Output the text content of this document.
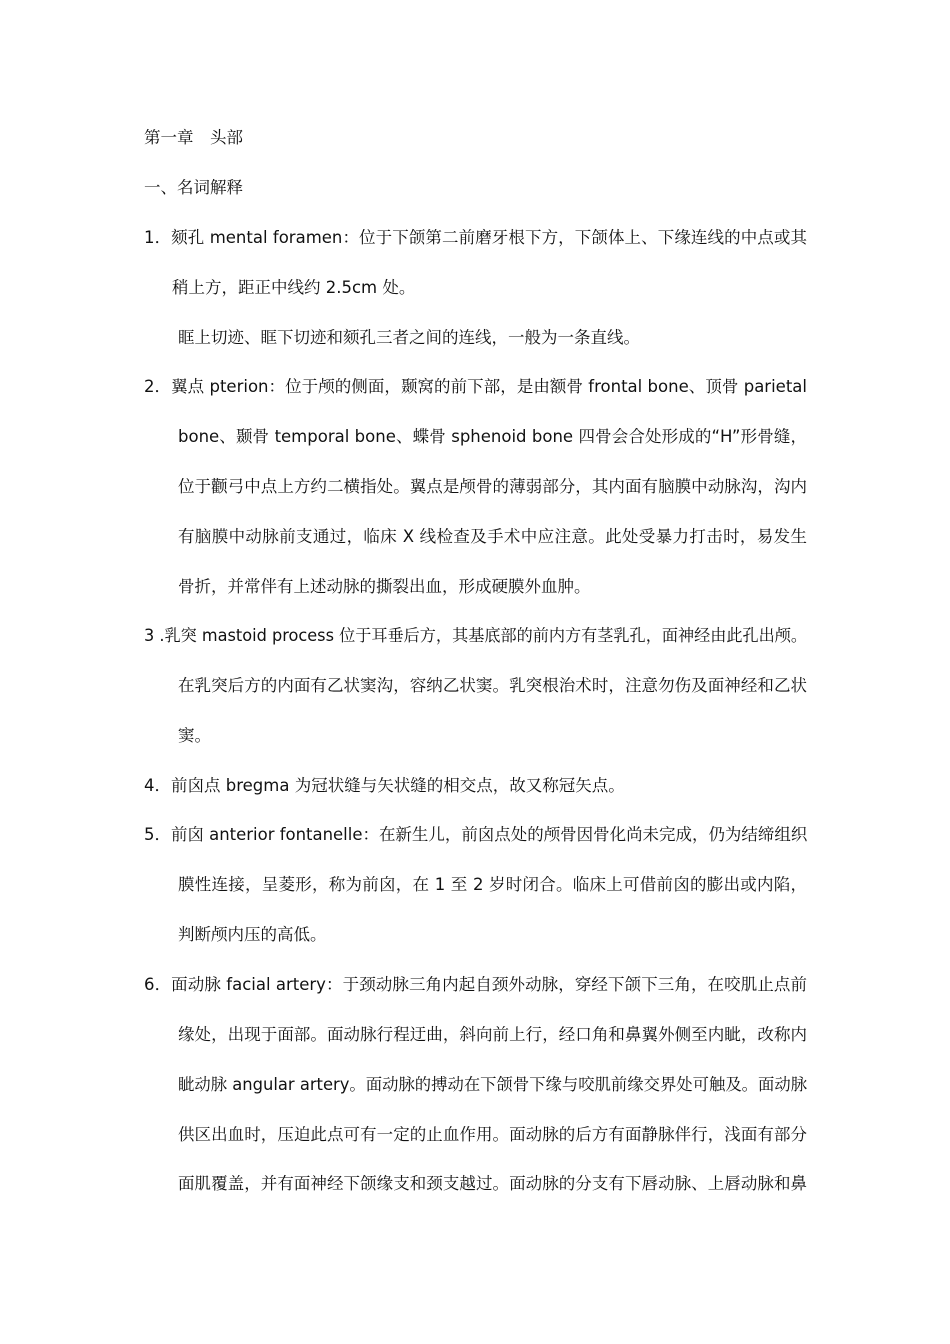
第一章　头部

一、名词解释

1．颏孔 mental foramen：位于下颌第二前磨牙根下方，下颌体上、下缘连线的中点或其

稍上方，距正中线约 2.5cm 处。

眶上切迹、眶下切迹和颏孔三者之间的连线，一般为一条直线。

2．翼点 pterion：位于颅的侧面，颞窝的前下部，是由额骨 frontal bone、顶骨 parietal

bone、颞骨 temporal bone、蝶骨 sphenoid bone 四骨会合处形成的“H”形骨缝，

位于颧弓中点上方约二横指处。翼点是颅骨的薄弱部分，其内面有脑膜中动脉沟，沟内

有脑膜中动脉前支通过，临床 X 线检查及手术中应注意。此处受暴力打击时，易发生

骨折，并常伴有上述动脉的撕裂出血，形成硬膜外血肿。

3 .乳突 mastoid process 位于耳垂后方，其基底部的前内方有茎乳孔，面神经由此孔出颅。

在乳突后方的内面有乙状窦沟，容纳乙状窦。乳突根治术时，注意勿伤及面神经和乙状

窦。

4．前囟点 bregma 为冠状缝与矢状缝的相交点，故又称冠矢点。

5．前囟 anterior fontanelle：在新生儿，前囟点处的颅骨因骨化尚未完成，仍为结缔组织

膜性连接，呈菱形，称为前囟，在 1 至 2 岁时闭合。临床上可借前囟的膨出或内陷，

判断颅内压的高低。

6．面动脉 facial artery：于颈动脉三角内起自颈外动脉，穿经下颌下三角，在咬肌止点前

缘处，出现于面部。面动脉行程迂曲，斜向前上行，经口角和鼻翼外侧至内眦，改称内

眦动脉 angular artery。面动脉的搏动在下颌骨下缘与咬肌前缘交界处可触及。面动脉

供区出血时，压迫此点可有一定的止血作用。面动脉的后方有面静脉伴行，浅面有部分

面肌覆盖，并有面神经下颌缘支和颈支越过。面动脉的分支有下唇动脉、上唇动脉和鼻
